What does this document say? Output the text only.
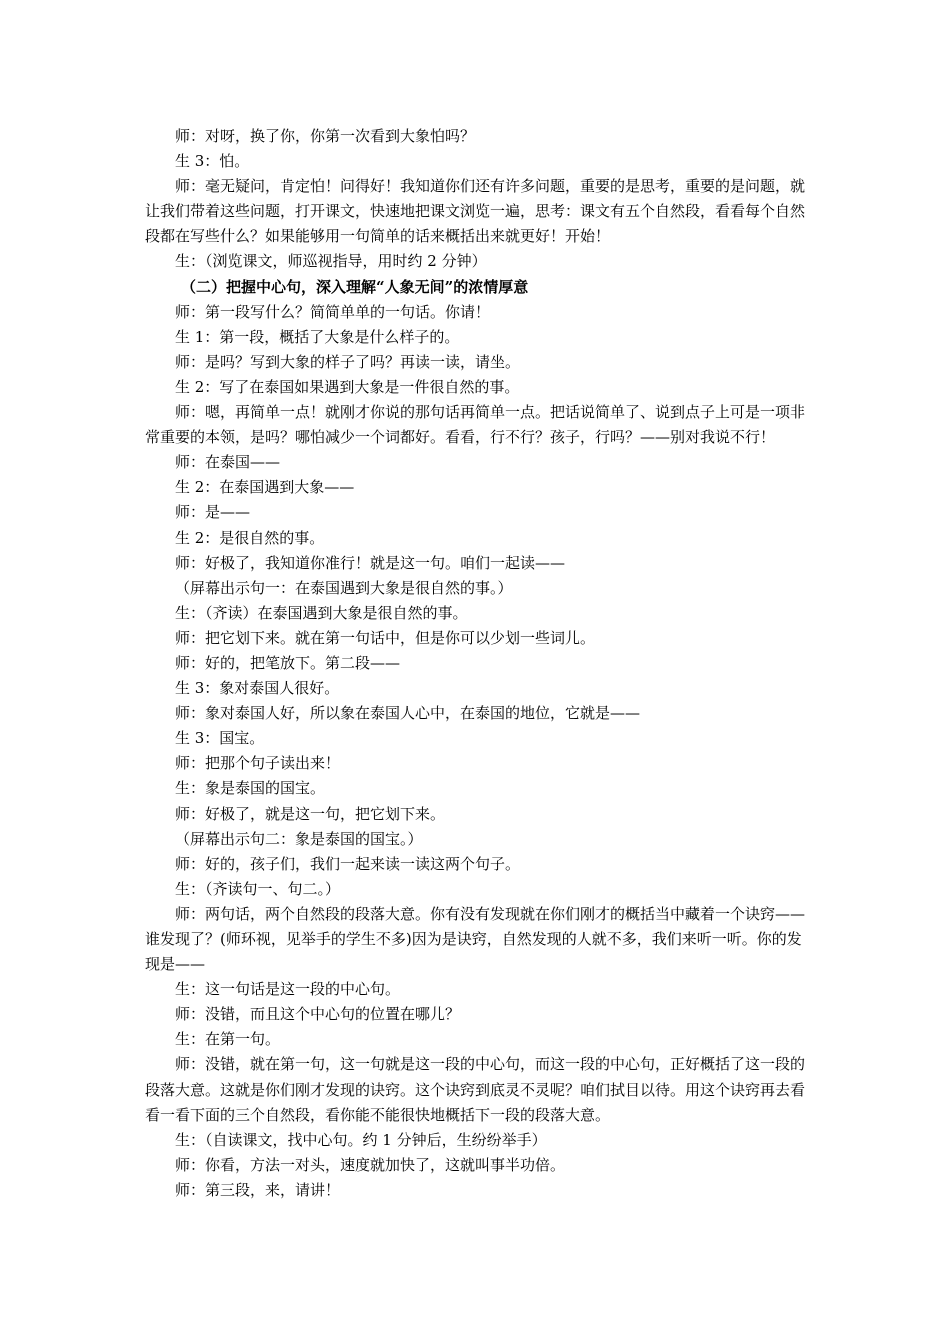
师：对呀，换了你，你第一次看到大象怕吗？

生 3：怕。

师：毫无疑问，肯定怕！问得好！我知道你们还有许多问题，重要的是思考，重要的是问题，就让我们带着这些问题，打开课文，快速地把课文浏览一遍，思考：课文有五个自然段，看看每个自然段都在写些什么？如果能够用一句简单的话来概括出来就更好！开始！

生：（浏览课文，师巡视指导，用时约 2 分钟）

（二）把握中心句，深入理解“人象无间”的浓情厚意

师：第一段写什么？简简单单的一句话。你请！

生 1：第一段，概括了大象是什么样子的。

师：是吗？写到大象的样子了吗？再读一读，请坐。

生 2：写了在泰国如果遇到大象是一件很自然的事。

师：嗯，再简单一点！就刚才你说的那句话再简单一点。把话说简单了、说到点子上可是一项非常重要的本领，是吗？哪怕减少一个词都好。看看，行不行？孩子，行吗？——别对我说不行！

师：在泰国——

生 2：在泰国遇到大象——

师：是——

生 2：是很自然的事。

师：好极了，我知道你准行！就是这一句。咱们一起读——

（屏幕出示句一：在泰国遇到大象是很自然的事。）

生：（齐读）在泰国遇到大象是很自然的事。

师：把它划下来。就在第一句话中，但是你可以少划一些词儿。

师：好的，把笔放下。第二段——

生 3：象对泰国人很好。

师：象对泰国人好，所以象在泰国人心中，在泰国的地位，它就是——

生 3：国宝。

师：把那个句子读出来！

生：象是泰国的国宝。

师：好极了，就是这一句，把它划下来。

（屏幕出示句二：象是泰国的国宝。）

师：好的，孩子们，我们一起来读一读这两个句子。

生：（齐读句一、句二。）

师：两句话，两个自然段的段落大意。你有没有发现就在你们刚才的概括当中藏着一个诀窍——谁发现了？(师环视，见举手的学生不多)因为是诀窍，自然发现的人就不多，我们来听一听。你的发现是——

生：这一句话是这一段的中心句。

师：没错，而且这个中心句的位置在哪儿？

生：在第一句。

师：没错，就在第一句，这一句就是这一段的中心句，而这一段的中心句，正好概括了这一段的段落大意。这就是你们刚才发现的诀窍。这个诀窍到底灵不灵呢？咱们拭目以待。用这个诀窍再去看看一看下面的三个自然段，看你能不能很快地概括下一段的段落大意。

生：（自读课文，找中心句。约 1 分钟后，生纷纷举手）

师：你看，方法一对头，速度就加快了，这就叫事半功倍。

师：第三段，来，请讲！
